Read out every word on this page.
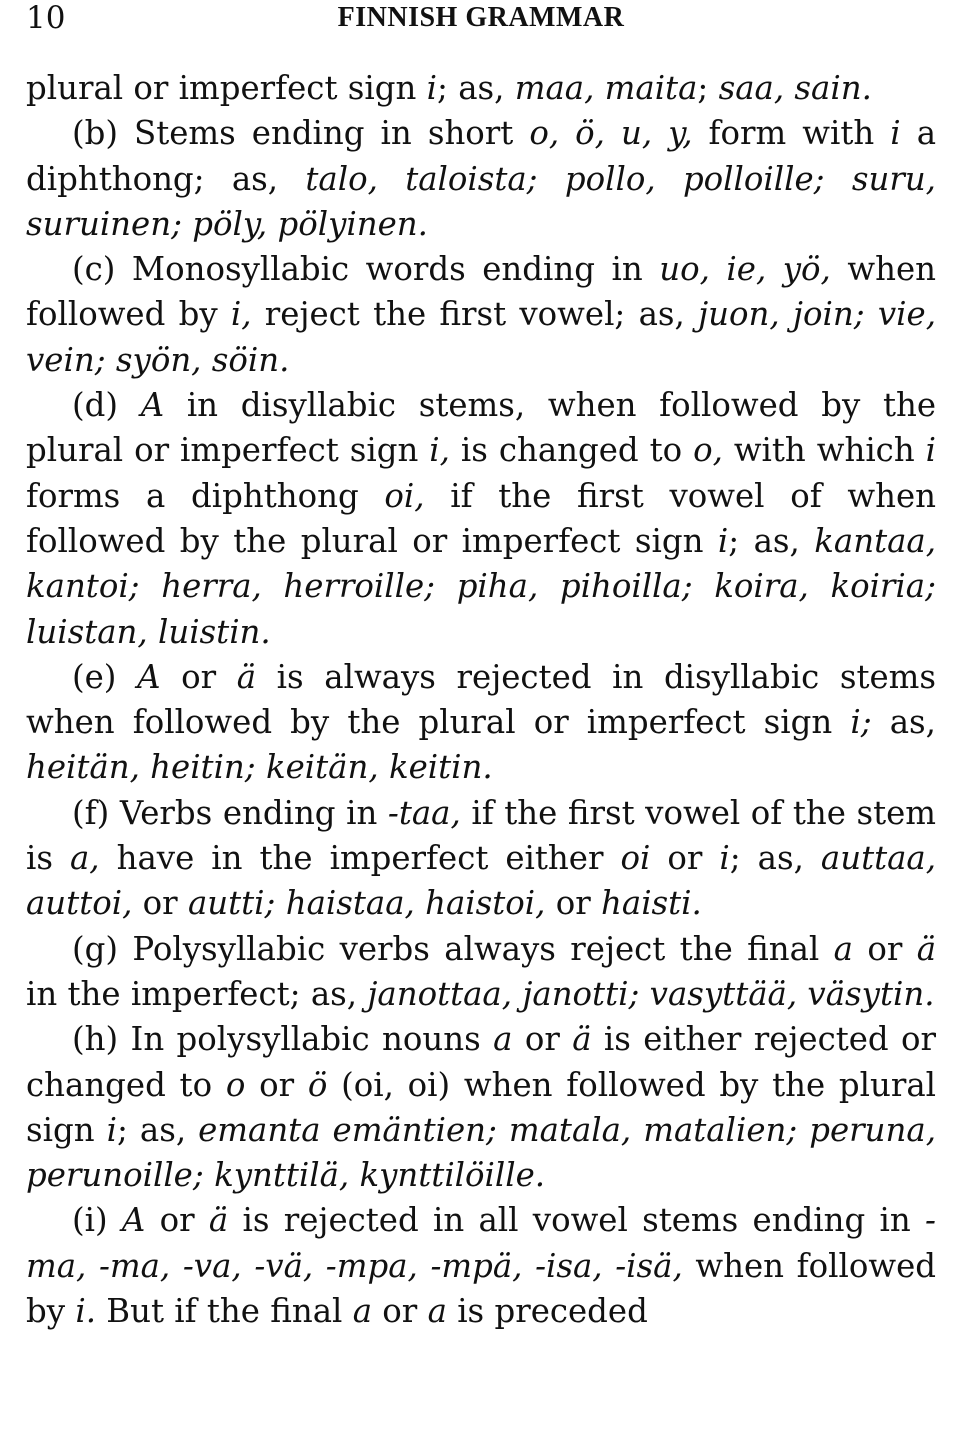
10	FINNISH GRAMMAR

plural or imperfect sign i; as, maa, maita; saa, sain.

(b) Stems ending in short o, ö, u, y, form with i a diphthong; as, talo, taloista; pollo, polloille; suru, suruinen; pöly, pölyinen.

(c) Monosyllabic words ending in uo, ie, yö, when followed by i, reject the first vowel; as, juon, join; vie, vein; syön, söin.

(d) A in disyllabic stems, when followed by the plural or imperfect sign i, is changed to o, with which i forms a diphthong oi, if the first vowel of when followed by the plural or imperfect sign i; as, kantaa, kantoi; herra, herroille; piha, pihoilla; koira, koiria; luistan, luistin.

(e) A or ä is always rejected in disyllabic stems when followed by the plural or imperfect sign i; as, heitän, heitin; keitän, keitin.

(f) Verbs ending in -taa, if the first vowel of the stem is a, have in the imperfect either oi or i; as, auttaa, auttoi, or autti; haistaa, haistoi, or haisti.

(g) Polysyllabic verbs always reject the final a or ä in the imperfect; as, janottaa, janotti; vasyttää, väsytin.

(h) In polysyllabic nouns a or ä is either rejected or changed to o or ö (oi, oi) when followed by the plural sign i; as, emanta emäntien; matala, matalien; peruna, perunoille; kynttilä, kynttilöille.

(i) A or ä is rejected in all vowel stems ending in -ma, -ma, -va, -vä, -mpa, -mpä, -isa, -isä, when followed by i. But if the final a or a is preceded
